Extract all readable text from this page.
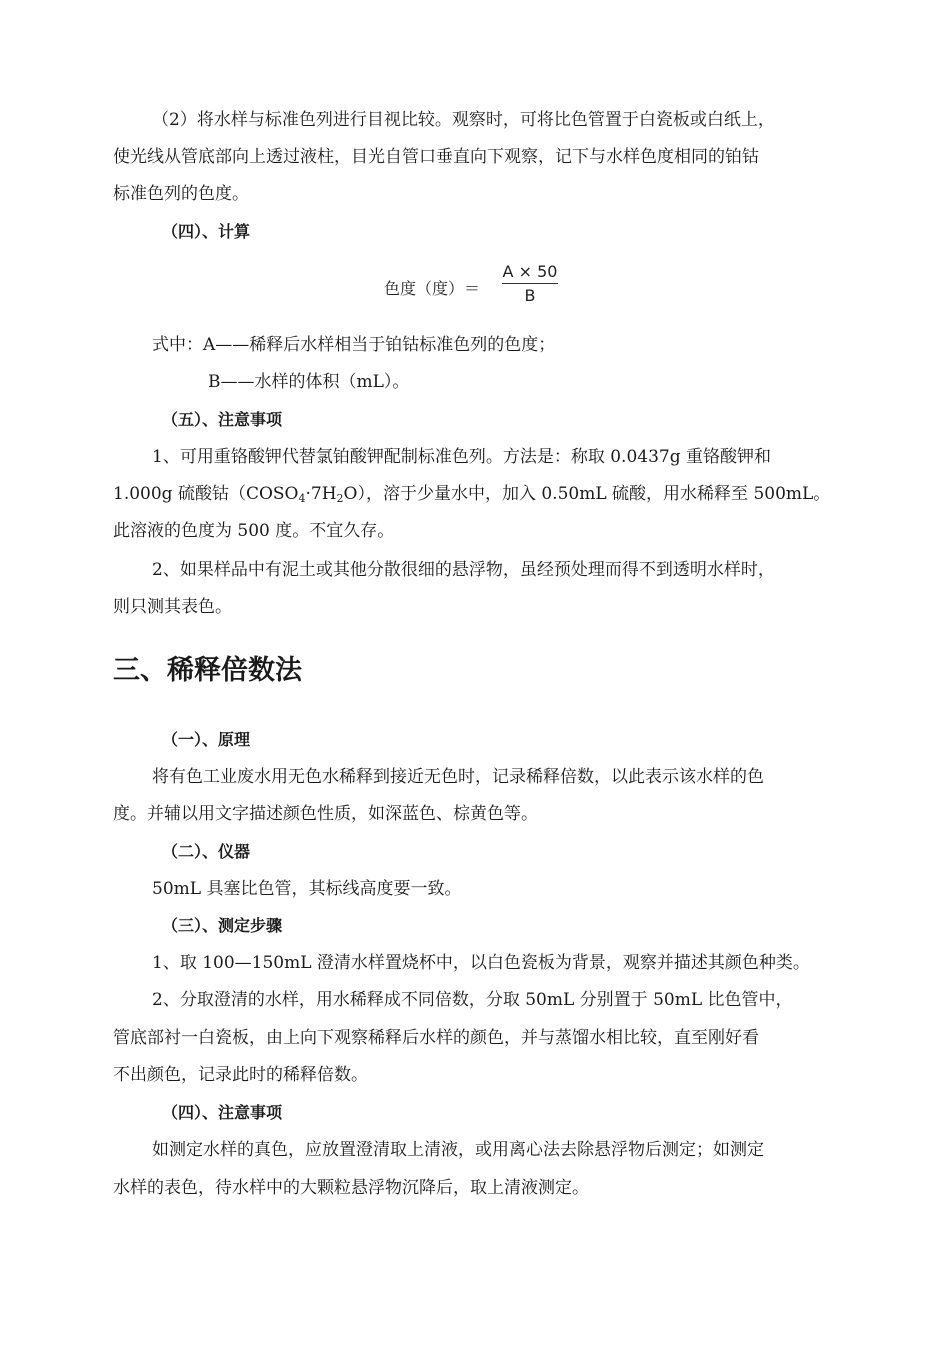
（2）将水样与标准色列进行目视比较。观察时，可将比色管置于白瓷板或白纸上，
使光线从管底部向上透过液柱，目光自管口垂直向下观察，记下与水样色度相同的铂钴
标准色列的色度。
（四）、计算
色度（度）＝
A × 50
B
式中：A——稀释后水样相当于铂钴标准色列的色度；
B——水样的体积（mL）。
（五）、注意事项
1、可用重铬酸钾代替氯铂酸钾配制标准色列。方法是：称取 0.0437g 重铬酸钾和
1.000g 硫酸钴$(COSO_4\cdot 7H_2O)$，溶于少量水中，加入 0.50mL 硫酸，用水稀释至 500mL。
此溶液的色度为 500 度。不宜久存。
2、如果样品中有泥土或其他分散很细的悬浮物，虽经预处理而得不到透明水样时，
则只测其表色。
三、稀释倍数法
（一）、原理
将有色工业废水用无色水稀释到接近无色时，记录稀释倍数，以此表示该水样的色
度。并辅以用文字描述颜色性质，如深蓝色、棕黄色等。
（二）、仪器
50mL 具塞比色管，其标线高度要一致。
（三）、测定步骤
1、取 100—150mL 澄清水样置烧杯中，以白色瓷板为背景，观察并描述其颜色种类。
2、分取澄清的水样，用水稀释成不同倍数，分取 50mL 分别置于 50mL 比色管中，
管底部衬一白瓷板，由上向下观察稀释后水样的颜色，并与蒸馏水相比较，直至刚好看
不出颜色，记录此时的稀释倍数。
（四）、注意事项
如测定水样的真色，应放置澄清取上清液，或用离心法去除悬浮物后测定；如测定
水样的表色，待水样中的大颗粒悬浮物沉降后，取上清液测定。
